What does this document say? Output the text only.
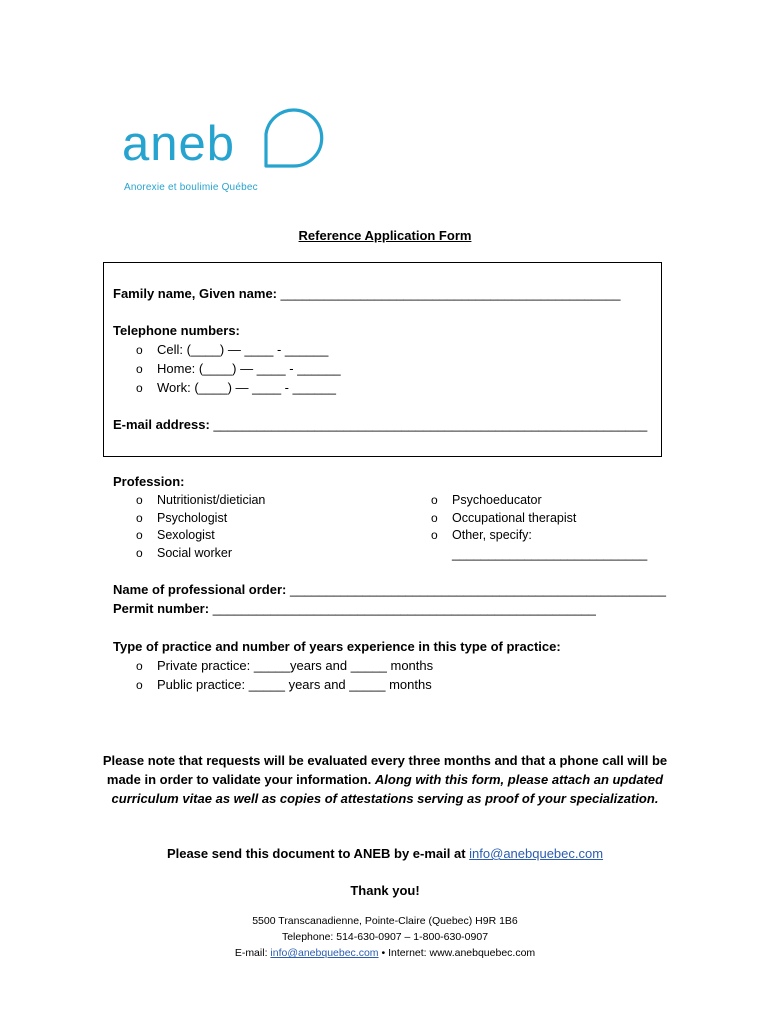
aneb
Anorexie et boulimie Québec
Reference Application Form
Family name, Given name: _______________________________________________
Telephone numbers:
o Cell: (____) — ____ - ______
o Home: (____) — ____ - ______
o Work: (____) — ____ - ______
E-mail address: ____________________________________________________________
Profession:
o Nutritionist/dietician
o Psychologist
o Sexologist
o Social worker
o Psychoeducator
o Occupational therapist
o Other, specify:
___________________________
Name of professional order: ____________________________________________________
Permit number: _____________________________________________________
Type of practice and number of years experience in this type of practice:
o Private practice: _____years and _____ months
o Public practice: _____ years and _____ months
Please note that requests will be evaluated every three months and that a phone call will be made in order to validate your information. Along with this form, please attach an updated curriculum vitae as well as copies of attestations serving as proof of your specialization.
Please send this document to ANEB by e-mail at info@anebquebec.com
Thank you!
5500 Transcanadienne, Pointe-Claire (Quebec) H9R 1B6
Telephone: 514-630-0907 – 1-800-630-0907
E-mail: info@anebquebec.com • Internet: www.anebquebec.com
